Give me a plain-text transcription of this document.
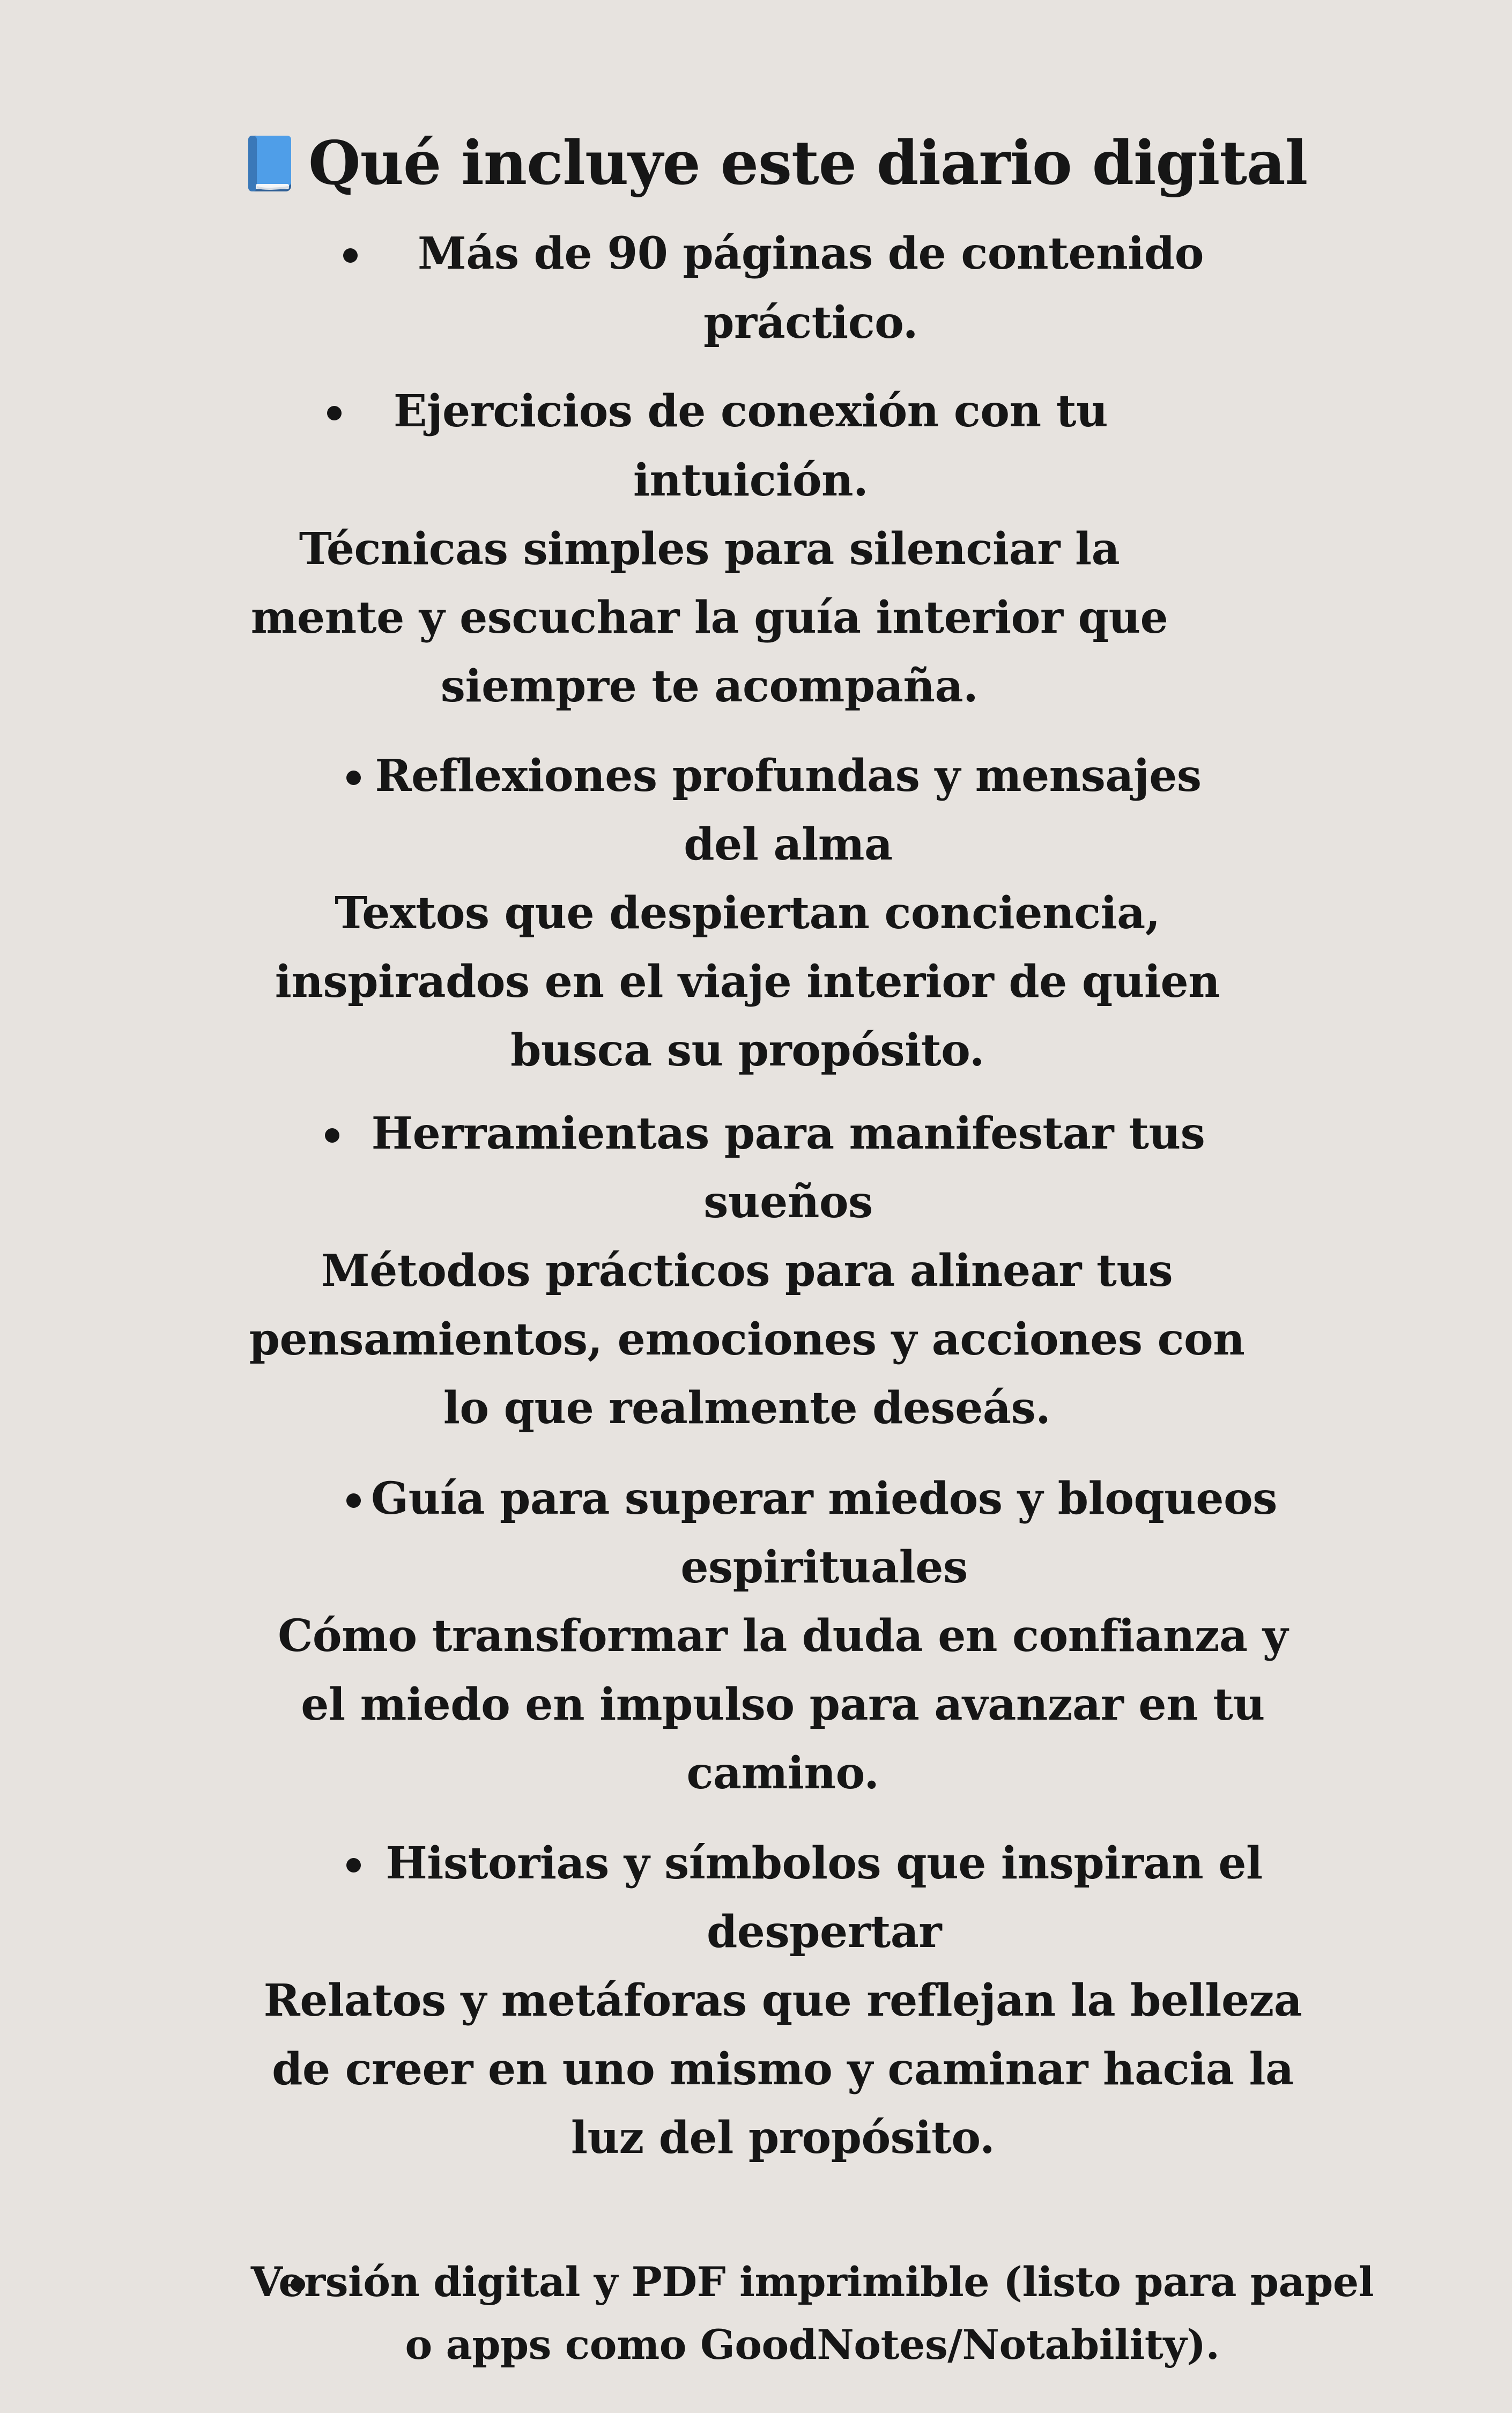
Qué incluye este diario digital
Más de 90 páginas de contenido
práctico.
Ejercicios de conexión con tu
intuición.
Técnicas simples para silenciar la
mente y escuchar la guía interior que
siempre te acompaña.
Reflexiones profundas y mensajes
del alma
Textos que despiertan conciencia,
inspirados en el viaje interior de quien
busca su propósito.
Herramientas para manifestar tus
sueños
Métodos prácticos para alinear tus
pensamientos, emociones y acciones con
lo que realmente deseás.
Guía para superar miedos y bloqueos
espirituales
Cómo transformar la duda en confianza y
el miedo en impulso para avanzar en tu
camino.
Historias y símbolos que inspiran el
despertar
Relatos y metáforas que reflejan la belleza
de creer en uno mismo y caminar hacia la
luz del propósito.
Versión digital y PDF imprimible (listo para papel
o apps como GoodNotes/Notability).
